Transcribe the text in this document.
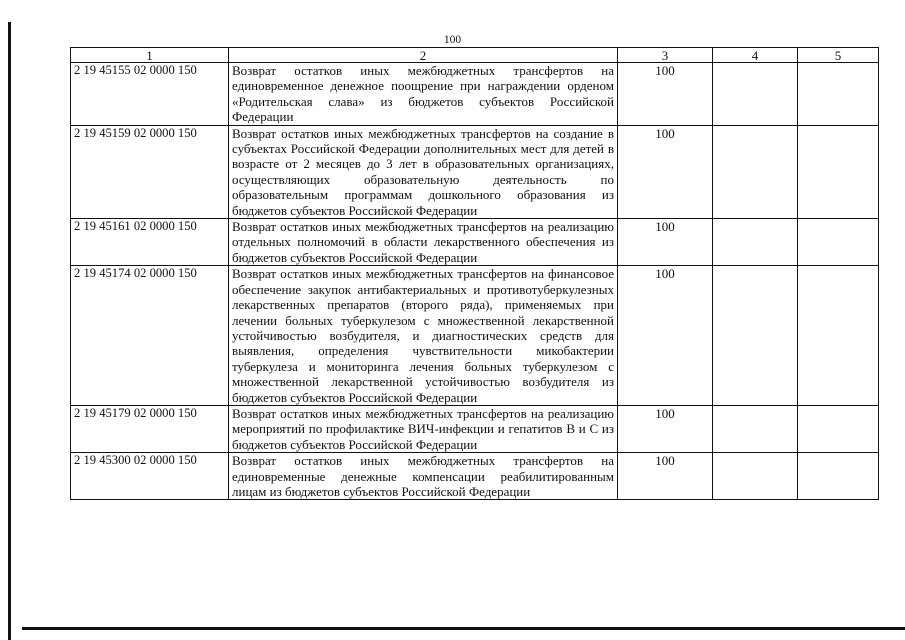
100
1	2	3	4	5
2 19 45155 02 0000 150	Возврат остатков иных межбюджетных трансфертов на единовременное денежное поощрение при награждении орденом «Родительская слава» из бюджетов субъектов Российской Федерации	100		
2 19 45159 02 0000 150	Возврат остатков иных межбюджетных трансфертов на создание в субъектах Российской Федерации дополнительных мест для детей в возрасте от 2 месяцев до 3 лет в образовательных организациях, осуществляющих образовательную деятельность по образовательным программам дошкольного образования из бюджетов субъектов Российской Федерации	100		
2 19 45161 02 0000 150	Возврат остатков иных межбюджетных трансфертов на реализацию отдельных полномочий в области лекарственного обеспечения из бюджетов субъектов Российской Федерации	100		
2 19 45174 02 0000 150	Возврат остатков иных межбюджетных трансфертов на финансовое обеспечение закупок антибактериальных и противотуберкулезных лекарственных препаратов (второго ряда), применяемых при лечении больных туберкулезом с множественной лекарственной устойчивостью возбудителя, и диагностических средств для выявления, определения чувствительности микобактерии туберкулеза и мониторинга лечения больных туберкулезом с множественной лекарственной устойчивостью возбудителя из бюджетов субъектов Российской Федерации	100		
2 19 45179 02 0000 150	Возврат остатков иных межбюджетных трансфертов на реализацию мероприятий по профилактике ВИЧ-инфекции и гепатитов B и C из бюджетов субъектов Российской Федерации	100		
2 19 45300 02 0000 150	Возврат остатков иных межбюджетных трансфертов на единовременные денежные компенсации реабилитированным лицам из бюджетов субъектов Российской Федерации	100		
